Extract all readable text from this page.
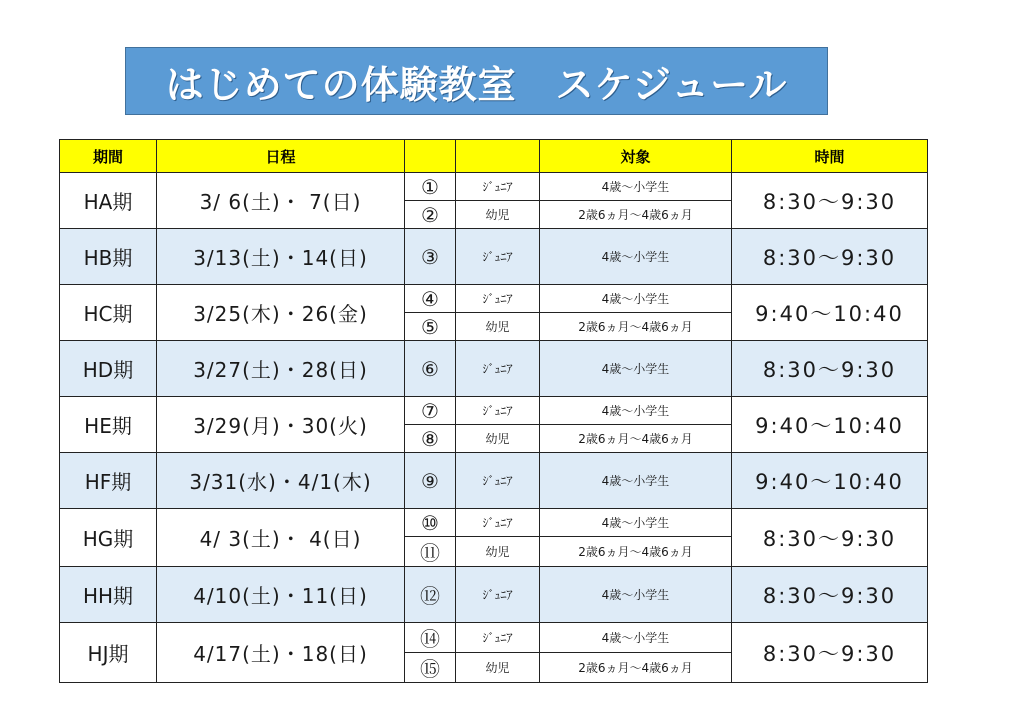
はじめての体験教室　スケジュール
期間	日程			対象	時間
HA期	3/ 6(土)・ 7(日)	①	ｼﾞｭﾆｱ	4歳〜小学生	8:30〜9:30
		②	幼児	2歳6ヵ月〜4歳6ヵ月	
HB期	3/13(土)・14(日)	③	ｼﾞｭﾆｱ	4歳〜小学生	8:30〜9:30
HC期	3/25(木)・26(金)	④	ｼﾞｭﾆｱ	4歳〜小学生	9:40〜10:40
		⑤	幼児	2歳6ヵ月〜4歳6ヵ月	
HD期	3/27(土)・28(日)	⑥	ｼﾞｭﾆｱ	4歳〜小学生	8:30〜9:30
HE期	3/29(月)・30(火)	⑦	ｼﾞｭﾆｱ	4歳〜小学生	9:40〜10:40
		⑧	幼児	2歳6ヵ月〜4歳6ヵ月	
HF期	3/31(水)・4/1(木)	⑨	ｼﾞｭﾆｱ	4歳〜小学生	9:40〜10:40
HG期	4/ 3(土)・ 4(日)	⑩	ｼﾞｭﾆｱ	4歳〜小学生	8:30〜9:30
		⑪	幼児	2歳6ヵ月〜4歳6ヵ月	
HH期	4/10(土)・11(日)	⑫	ｼﾞｭﾆｱ	4歳〜小学生	8:30〜9:30
HJ期	4/17(土)・18(日)	⑭	ｼﾞｭﾆｱ	4歳〜小学生	8:30〜9:30
		⑮	幼児	2歳6ヵ月〜4歳6ヵ月	
